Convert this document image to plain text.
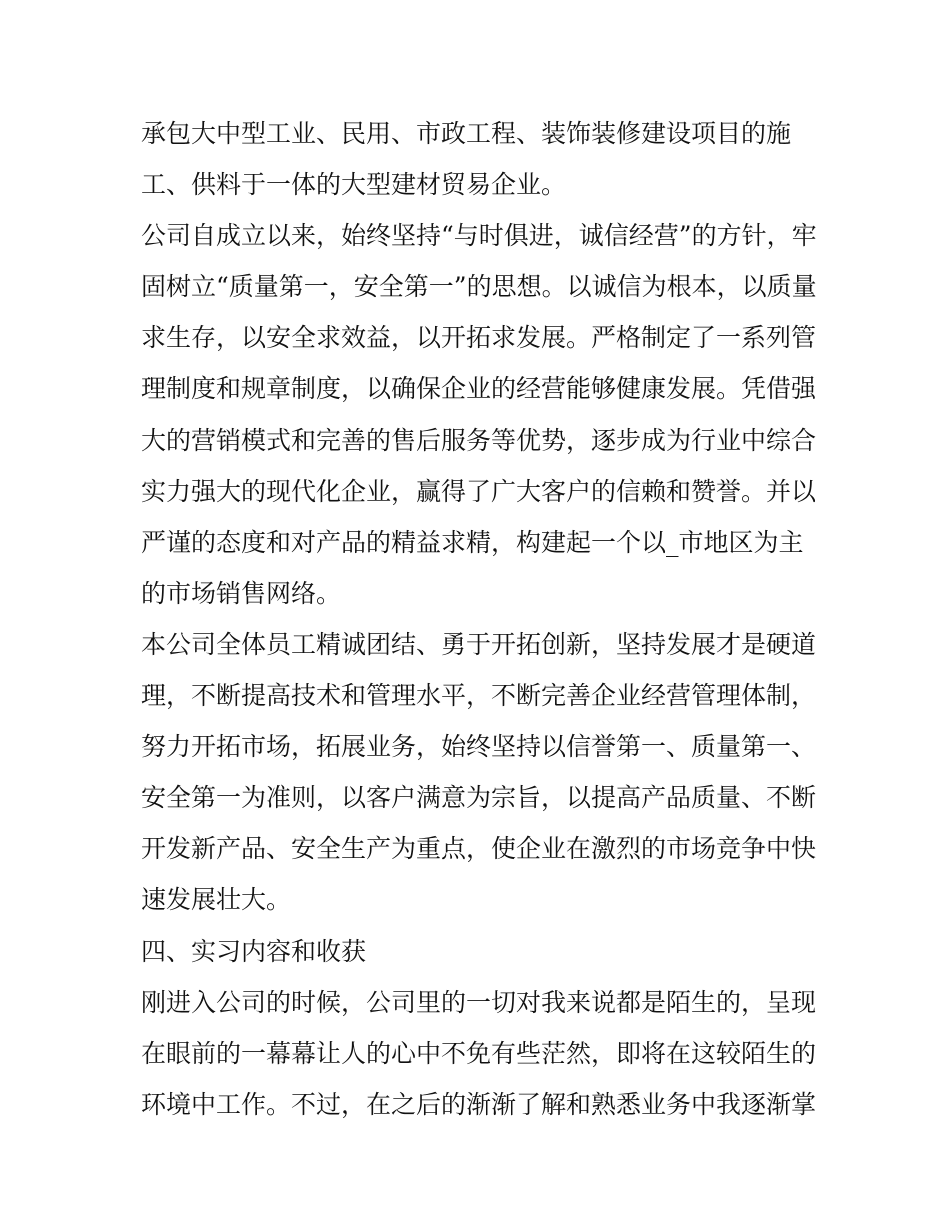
承包大中型工业、民用、市政工程、装饰装修建设项目的施
工、供料于一体的大型建材贸易企业。
公司自成立以来，始终坚持“与时俱进，诚信经营”的方针，牢
固树立“质量第一，安全第一”的思想。以诚信为根本，以质量
求生存，以安全求效益，以开拓求发展。严格制定了一系列管
理制度和规章制度，以确保企业的经营能够健康发展。凭借强
大的营销模式和完善的售后服务等优势，逐步成为行业中综合
实力强大的现代化企业，赢得了广大客户的信赖和赞誉。并以
严谨的态度和对产品的精益求精，构建起一个以_市地区为主
的市场销售网络。
本公司全体员工精诚团结、勇于开拓创新，坚持发展才是硬道
理，不断提高技术和管理水平，不断完善企业经营管理体制，
努力开拓市场，拓展业务，始终坚持以信誉第一、质量第一、
安全第一为准则，以客户满意为宗旨，以提高产品质量、不断
开发新产品、安全生产为重点，使企业在激烈的市场竞争中快
速发展壮大。
四、实习内容和收获
刚进入公司的时候，公司里的一切对我来说都是陌生的，呈现
在眼前的一幕幕让人的心中不免有些茫然，即将在这较陌生的
环境中工作。不过，在之后的渐渐了解和熟悉业务中我逐渐掌
